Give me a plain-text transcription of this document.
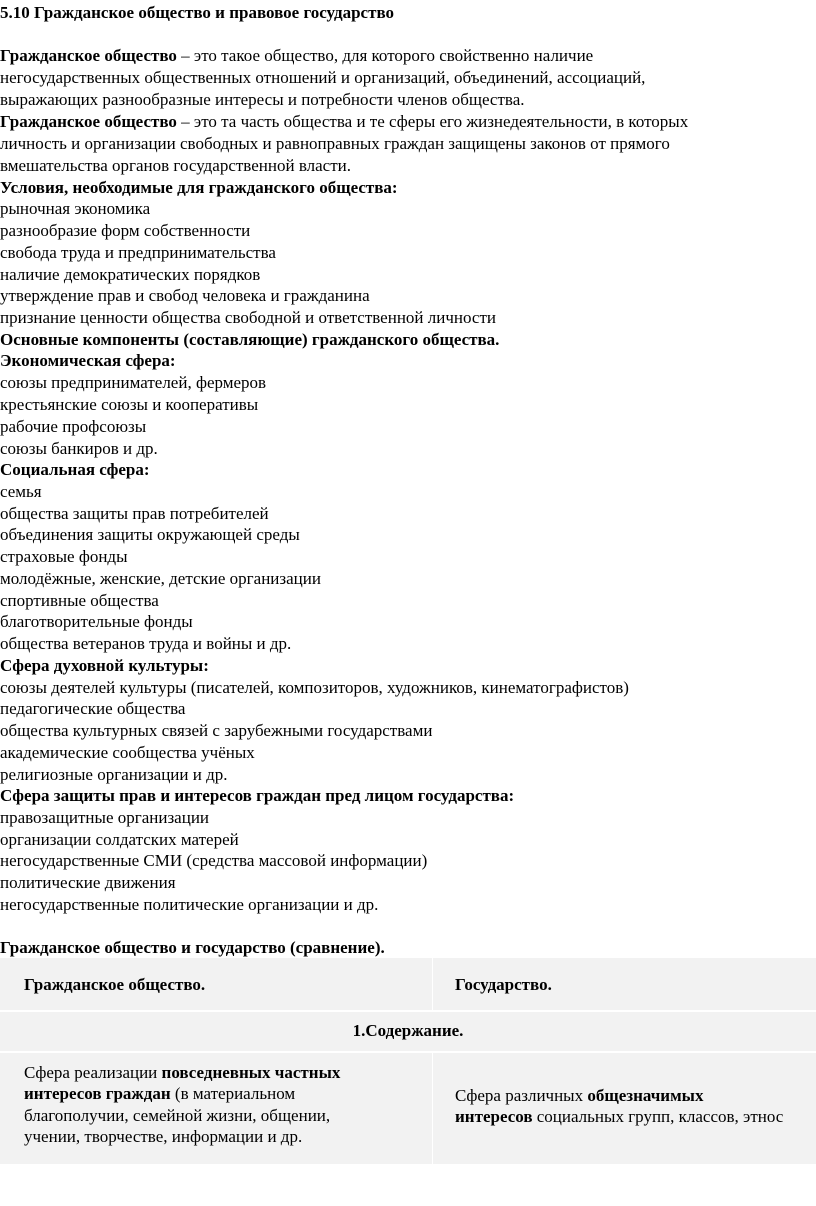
5.10 Гражданское общество и правовое государство
Гражданское общество – это такое общество, для которого свойственно наличие
негосударственных общественных отношений и организаций, объединений, ассоциаций,
выражающих разнообразные интересы и потребности членов общества.
Гражданское общество – это та часть общества и те сферы его жизнедеятельности, в которых
личность и организации свободных и равноправных граждан защищены законов от прямого
вмешательства органов государственной власти.
Условия, необходимые для гражданского общества:
рыночная экономика
разнообразие форм собственности
свобода труда и предпринимательства
наличие демократических порядков
утверждение прав и свобод человека и гражданина
признание ценности общества свободной и ответственной личности
Основные компоненты (составляющие) гражданского общества.
Экономическая сфера:
союзы предпринимателей, фермеров
крестьянские союзы и кооперативы
рабочие профсоюзы
союзы банкиров и др.
Социальная сфера:
семья
общества защиты прав потребителей
объединения защиты окружающей среды
страховые фонды
молодёжные, женские, детские организации
спортивные общества
благотворительные фонды
общества ветеранов труда и войны и др.
Сфера духовной культуры:
союзы деятелей культуры (писателей, композиторов, художников, кинематографистов)
педагогические общества
общества культурных связей с зарубежными государствами
академические сообщества учёных
религиозные организации и др.
Сфера защиты прав и интересов граждан пред лицом государства:
правозащитные организации
организации солдатских матерей
негосударственные СМИ (средства массовой информации)
политические движения
негосударственные политические организации и др.
Гражданское общество и государство (сравнение).
Гражданское общество.	Государство.
1.Содержание.
Сфера реализации повседневных частных
интересов граждан (в материальном
благополучии, семейной жизни, общении,
учении, творчестве, информации и др.
Сфера различных общезначимых
интересов социальных групп, классов, этнос
